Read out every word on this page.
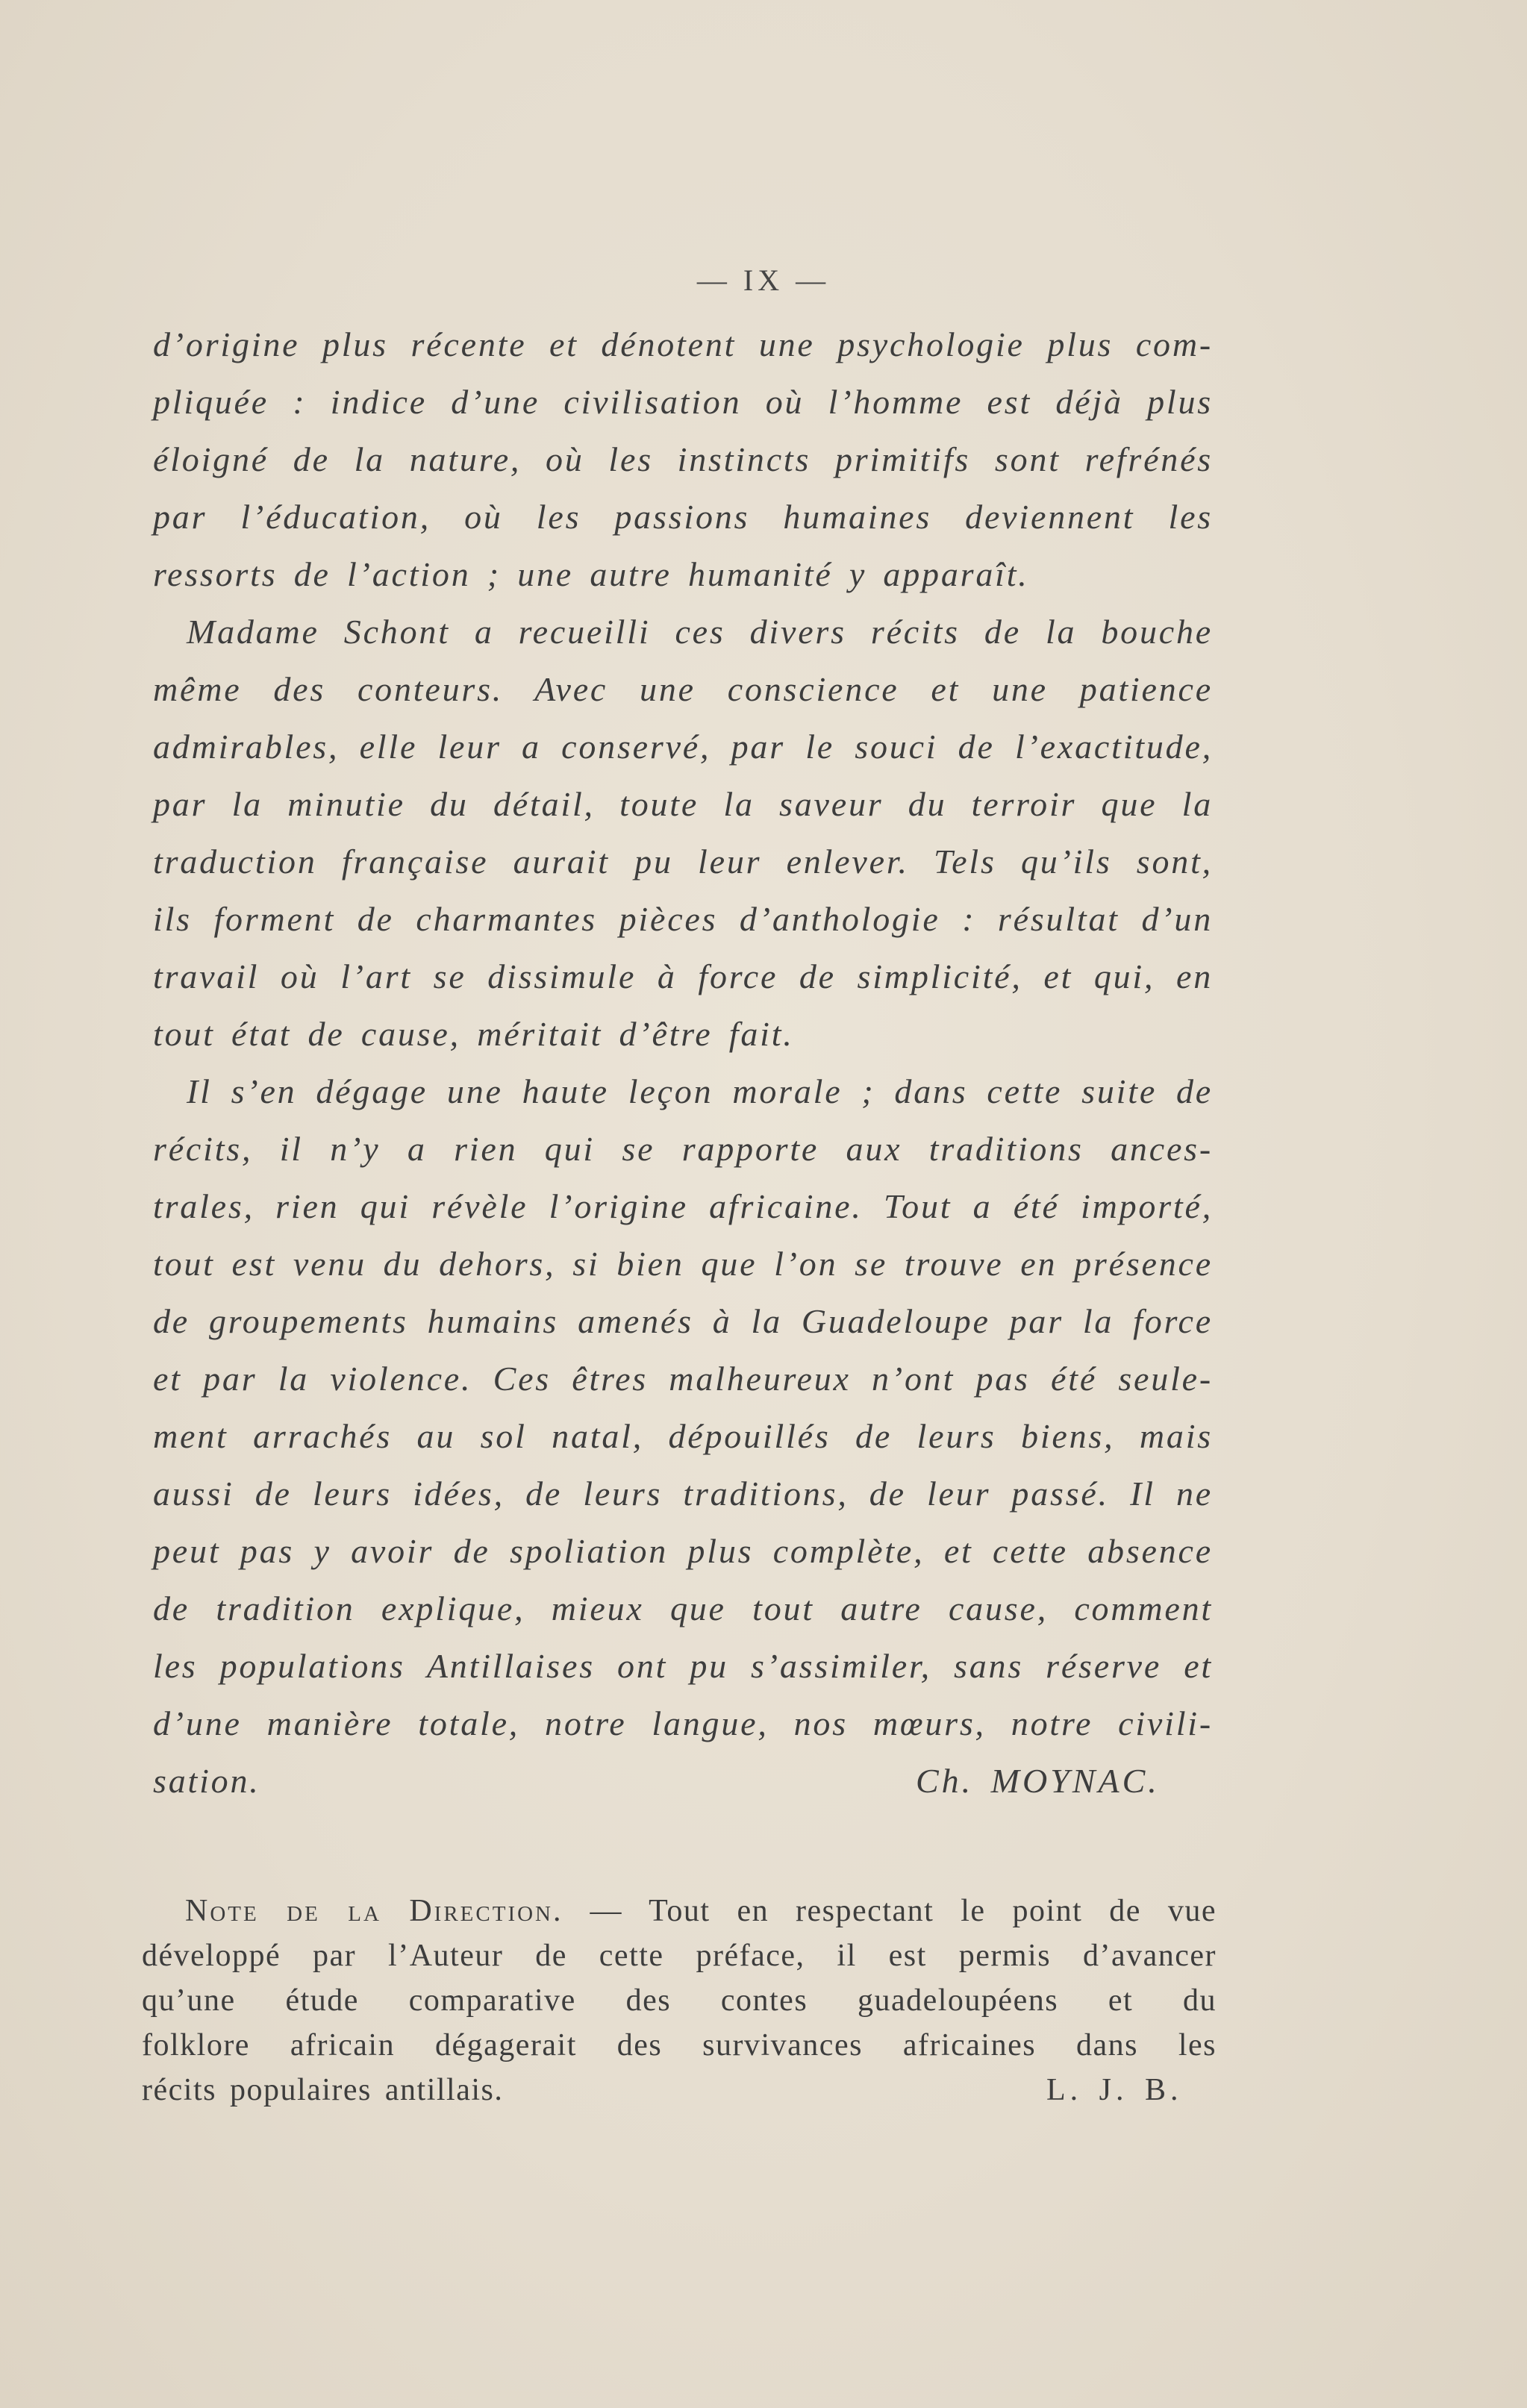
— IX —
d’origine plus récente et dénotent une psychologie plus com-
pliquée : indice d’une civilisation où l’homme est déjà plus
éloigné de la nature, où les instincts primitifs sont refrénés
par l’éducation, où les passions humaines deviennent les
ressorts de l’action ; une autre humanité y apparaît.
Madame Schont a recueilli ces divers récits de la bouche
même des conteurs. Avec une conscience et une patience
admirables, elle leur a conservé, par le souci de l’exactitude,
par la minutie du détail, toute la saveur du terroir que la
traduction française aurait pu leur enlever. Tels qu’ils sont,
ils forment de charmantes pièces d’anthologie : résultat d’un
travail où l’art se dissimule à force de simplicité, et qui, en
tout état de cause, méritait d’être fait.
Il s’en dégage une haute leçon morale ; dans cette suite de
récits, il n’y a rien qui se rapporte aux traditions ances-
trales, rien qui révèle l’origine africaine. Tout a été importé,
tout est venu du dehors, si bien que l’on se trouve en présence
de groupements humains amenés à la Guadeloupe par la force
et par la violence. Ces êtres malheureux n’ont pas été seule-
ment arrachés au sol natal, dépouillés de leurs biens, mais
aussi de leurs idées, de leurs traditions, de leur passé. Il ne
peut pas y avoir de spoliation plus complète, et cette absence
de tradition explique, mieux que tout autre cause, comment
les populations Antillaises ont pu s’assimiler, sans réserve et
d’une manière totale, notre langue, nos mœurs, notre civili-
sation.	Ch. MOYNAC.
Note de la Direction. — Tout en respectant le point de vue
développé par l’Auteur de cette préface, il est permis d’avancer
qu’une étude comparative des contes guadeloupéens et du
folklore africain dégagerait des survivances africaines dans les
récits populaires antillais.	L. J. B.
